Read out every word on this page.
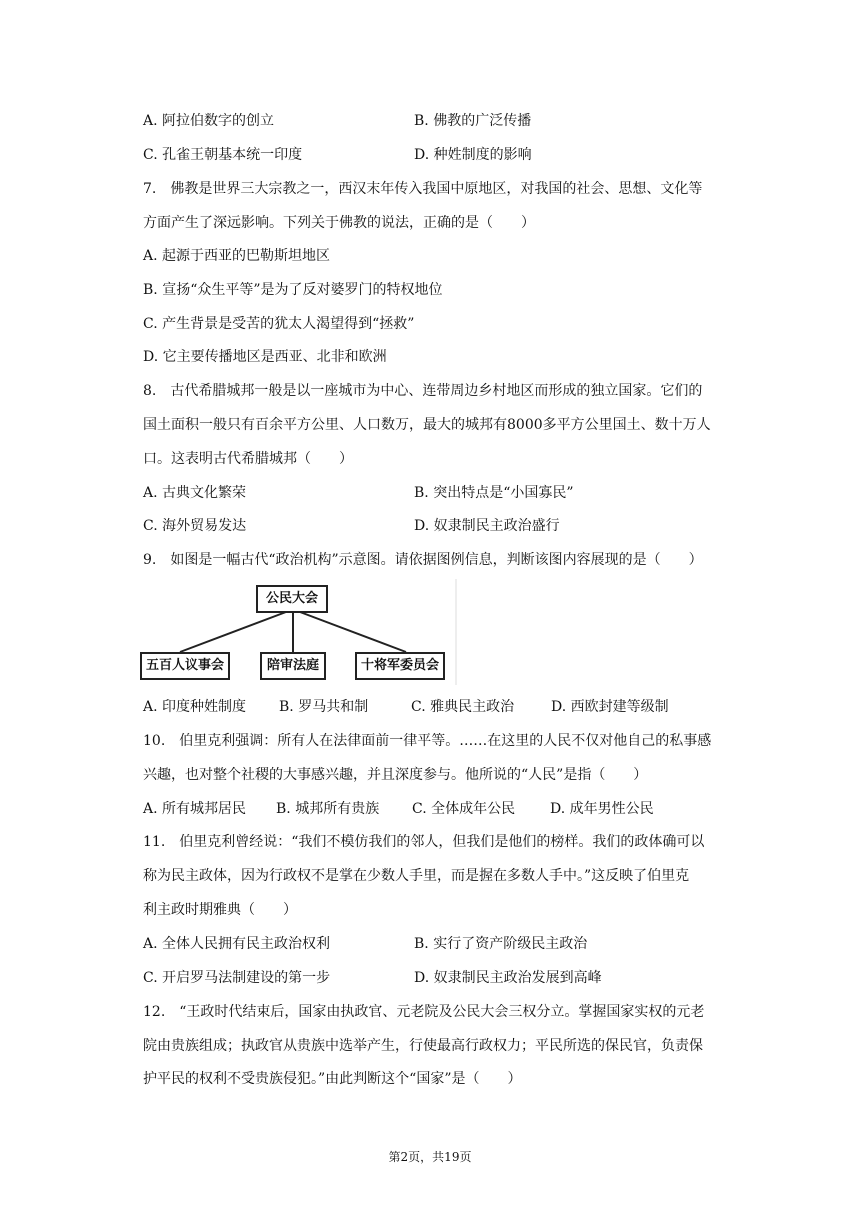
A. 阿拉伯数字的创立	B. 佛教的广泛传播
C. 孔雀王朝基本统一印度	D. 种姓制度的影响
7.　佛教是世界三大宗教之一，西汉末年传入我国中原地区，对我国的社会、思想、文化等
方面产生了深远影响。下列关于佛教的说法，正确的是（　　）
A. 起源于西亚的巴勒斯坦地区
B. 宣扬“众生平等”是为了反对婆罗门的特权地位
C. 产生背景是受苦的犹太人渴望得到“拯救”
D. 它主要传播地区是西亚、北非和欧洲
8.　古代希腊城邦一般是以一座城市为中心、连带周边乡村地区而形成的独立国家。它们的
国土面积一般只有百余平方公里、人口数万，最大的城邦有8000多平方公里国土、数十万人
口。这表明古代希腊城邦（　　）
A. 古典文化繁荣	B. 突出特点是“小国寡民”
C. 海外贸易发达	D. 奴隶制民主政治盛行
9.　如图是一幅古代“政治机构”示意图。请依据图例信息，判断该图内容展现的是（　　）
公民大会
五百人议事会	陪审法庭	十将军委员会
A. 印度种姓制度 B. 罗马共和制	C. 雅典民主政治	D. 西欧封建等级制
10.　伯里克利强调：所有人在法律面前一律平等。……在这里的人民不仅对他自己的私事感
兴趣，也对整个社稷的大事感兴趣，并且深度参与。他所说的“人民”是指（　　）
A. 所有城邦居民 B. 城邦所有贵族 C. 全体成年公民 D. 成年男性公民
11.　伯里克利曾经说：“我们不模仿我们的邻人，但我们是他们的榜样。我们的政体确可以
称为民主政体，因为行政权不是掌在少数人手里，而是握在多数人手中。”这反映了伯里克
利主政时期雅典（　　）
A. 全体人民拥有民主政治权利	B. 实行了资产阶级民主政治
C. 开启罗马法制建设的第一步	D. 奴隶制民主政治发展到高峰
12.　“王政时代结束后，国家由执政官、元老院及公民大会三权分立。掌握国家实权的元老
院由贵族组成；执政官从贵族中选举产生，行使最高行政权力；平民所选的保民官，负责保
护平民的权利不受贵族侵犯。”由此判断这个“国家”是（　　）
第2页，共19页
